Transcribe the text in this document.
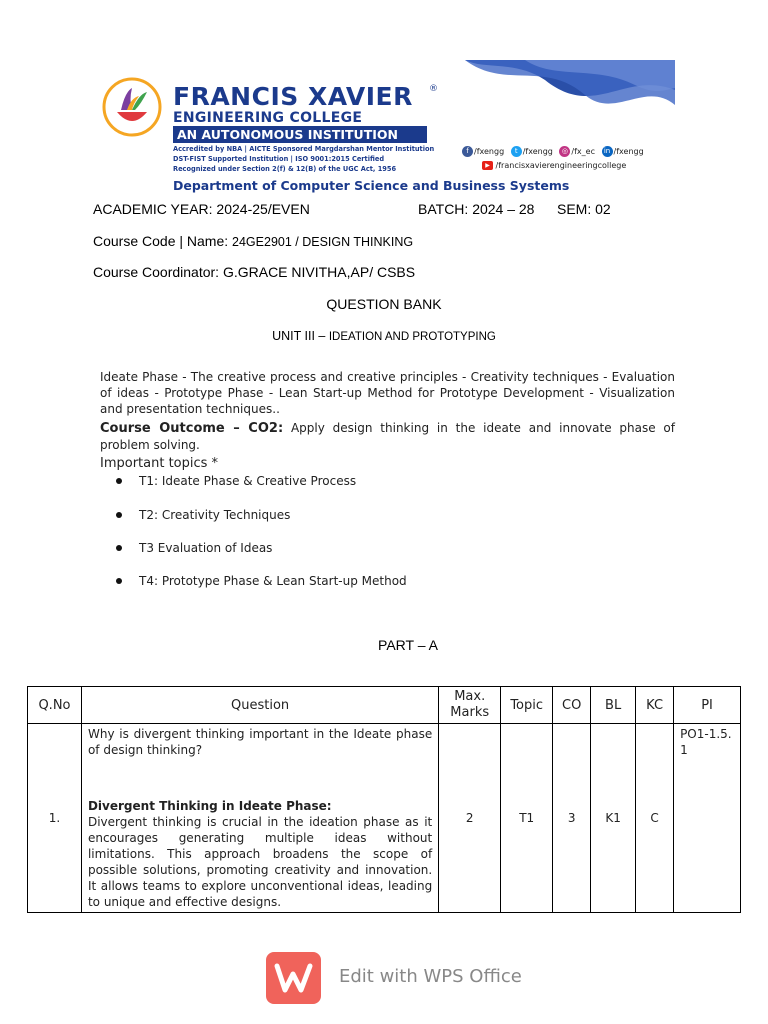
FRANCIS XAVIER ®
ENGINEERING COLLEGE
AN AUTONOMOUS INSTITUTION
Accredited by NBA | AICTE Sponsored Margdarshan Mentor Institution
DST-FIST Supported Institution | ISO 9001:2015 Certified
Recognized under Section 2(f) & 12(B) of the UGC Act, 1956
f /fxengg t /fxengg ◎ /fx_ec in /fxengg
▶ /francisxavierengineeringcollege
Department of Computer Science and Business Systems
ACADEMIC YEAR: 2024-25/EVEN	BATCH: 2024 – 28 SEM: 02
Course Code | Name: 24GE2901 / DESIGN THINKING
Course Coordinator: G.GRACE NIVITHA,AP/ CSBS
QUESTION BANK
UNIT III – IDEATION AND PROTOTYPING
Ideate Phase - The creative process and creative principles - Creativity techniques - Evaluation of ideas - Prototype Phase - Lean Start-up Method for Prototype Development - Visualization and presentation techniques..
Course Outcome – CO2: Apply design thinking in the ideate and innovate phase of problem solving.
Important topics *
T1: Ideate Phase & Creative Process
T2: Creativity Techniques
T3 Evaluation of Ideas
T4: Prototype Phase & Lean Start-up Method
PART – A
Q.No	Question	Max. Marks	Topic	CO	BL	KC	PI
1.	Why is divergent thinking important in the Ideate phase of design thinking?
Divergent Thinking in Ideate Phase:
Divergent thinking is crucial in the ideation phase as it encourages generating multiple ideas without limitations. This approach broadens the scope of possible solutions, promoting creativity and innovation. It allows teams to explore unconventional ideas, leading to unique and effective designs.	2	T1	3	K1	C	PO1-1.5.1
Edit with WPS Office
